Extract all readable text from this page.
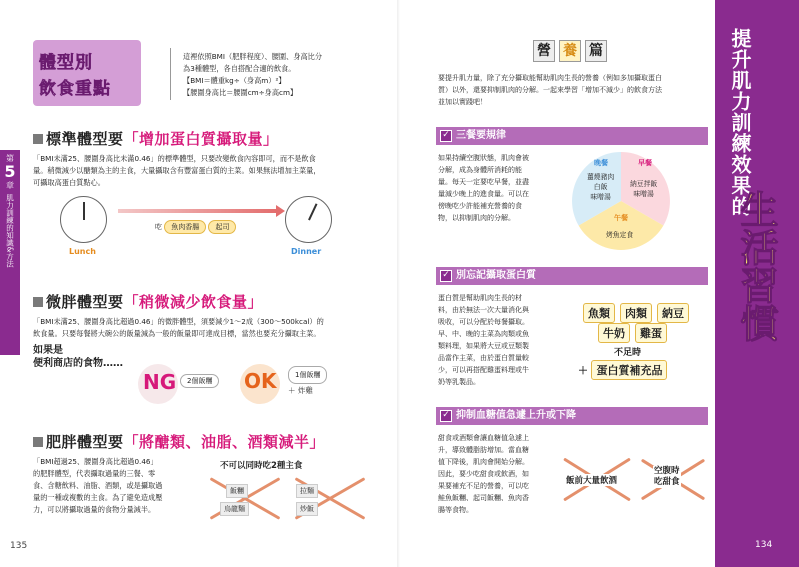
第
5
章
肌力訓練的知識&方法
體型別
飲食重點
這裡依照BMI（肥胖程度）、腰圍、身高比分
為3種體型，各自搭配合適的飲食。
【BMI＝體重kg÷（身高m）²】
【腰圍身高比＝腰圍cm÷身高cm】
標準體型要「增加蛋白質攝取量」
「BMI未滿25、腰圍身高比未滿0.46」的標準體型，只要改變飲食內容即可，而不是飲食
量。稍微減少以醣類為主的主食，大量攝取含有豐富蛋白質的主菜。如果無法增加主菜量，
可攝取高蛋白質點心。
Lunch
吃 魚肉香腸 起司
Dinner
微胖體型要「稍微減少飲食量」
「BMI未滿25、腰圍身高比超過0.46」的微胖體型，須要減少1～2成（300～500kcal）的
飲食量。只要每餐將大碗公的飯量減為一般的飯量即可達成目標，當然也要充分攝取主菜。
如果是
便利商店的食物……
NG	2個飯糰	OK	1個飯糰
＋ 炸雞
肥胖體型要「將醣類、油脂、酒類減半」
「BMI超過25、腰圍身高比超過0.46」
的肥胖體型，代表攝取過量的三餐、零
食、含糖飲料、油脂、酒類，或是攝取過
量的一種或複數的主食。為了避免造成壓
力，可以將攝取過量的食物分量減半。
不可以同時吃2種主食
飯糰	拉麵
烏龍麵	炒飯
135
營 養 篇
要提升肌力量，除了充分攝取能幫助肌肉生長的營養（例如多加攝取蛋白
質）以外，還要抑制肌肉的分解。一起來學習「增加不減少」的飲食方法
並加以實踐吧！
✓ 三餐要規律
如果持續空腹狀態，肌肉會被
分解，成為身體所消耗的能
量。每天一定要吃早餐，並盡
量減少晚上的進食量。可以在
傍晚吃少許能補充營養的食
物，以抑制肌肉的分解。
晚餐
薑燒豬肉
白飯
味噌湯
早餐
納豆拌飯
味噌湯
午餐
烤魚定食
✓ 別忘記攝取蛋白質
蛋白質是幫助肌肉生長的材
料，由於無法一次大量消化與
吸收，可以分配於每餐攝取。
早、中、晚的主菜為肉類或魚
類料理，如果將大豆或豆類製
品當作主菜，由於蛋白質量較
少，可以再搭配雞蛋料理或牛
奶等乳製品。
魚類	肉類	納豆
牛奶	雞蛋
不足時
＋ 蛋白質補充品
✓ 抑制血糖值急遽上升或下降
甜食或酒類會讓血糖值急遽上
升，導致體脂肪增加。當血糖
值下降後，肌肉會開始分解。
因此，要少吃甜食或飲酒，如
果要補充不足的營養，可以吃
鮭魚飯糰、起司飯糰、魚肉香
腸等食物。
飯前大量飲酒
空腹時
吃甜食
提升肌力訓練效果的
生活習慣
134
